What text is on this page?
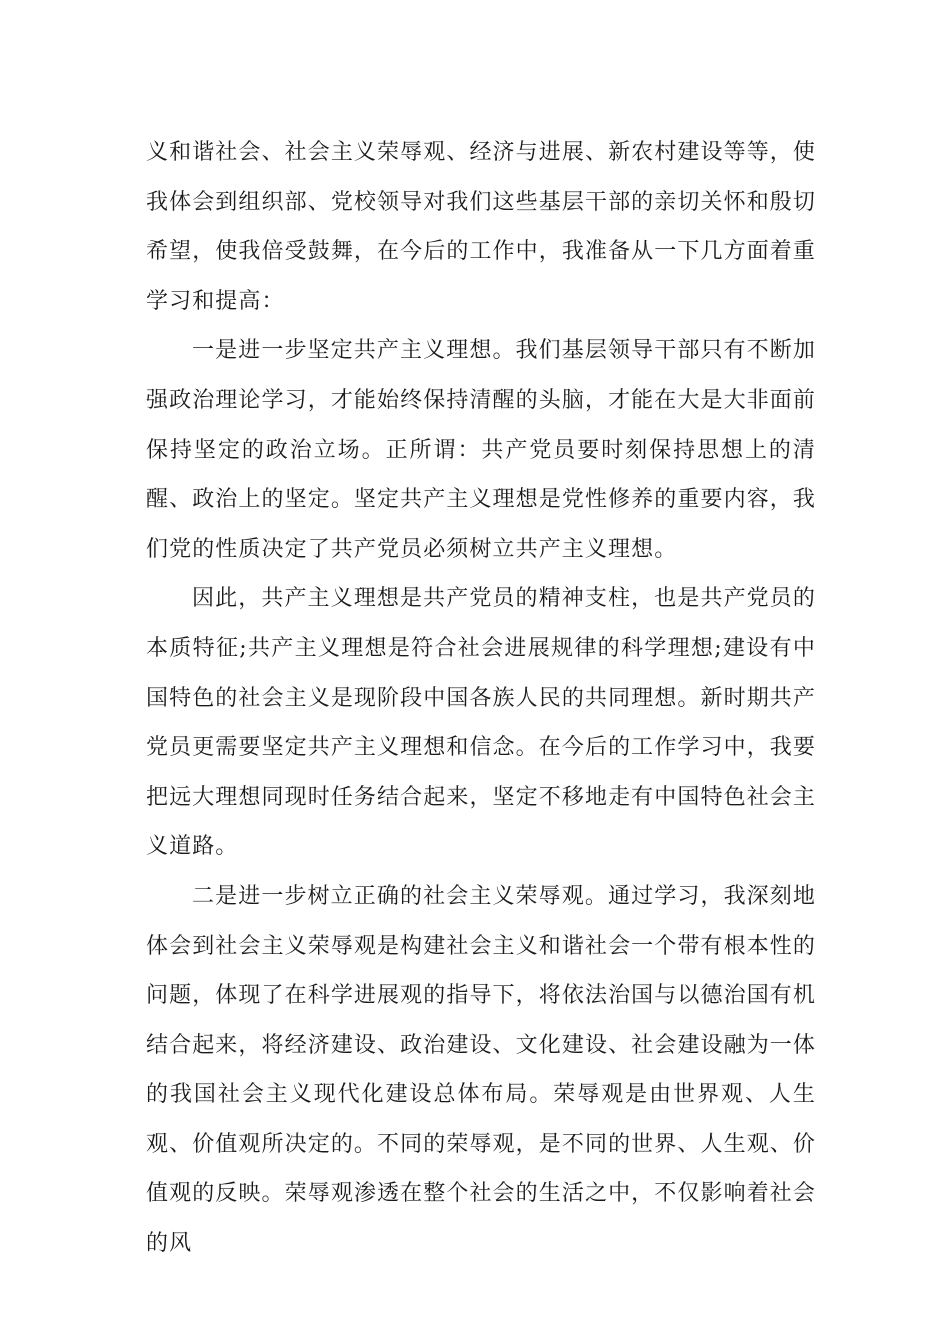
义和谐社会、社会主义荣辱观、经济与进展、新农村建设等等，使我体会到组织部、党校领导对我们这些基层干部的亲切关怀和殷切希望，使我倍受鼓舞，在今后的工作中，我准备从一下几方面着重学习和提高：

一是进一步坚定共产主义理想。我们基层领导干部只有不断加强政治理论学习，才能始终保持清醒的头脑，才能在大是大非面前保持坚定的政治立场。正所谓：共产党员要时刻保持思想上的清醒、政治上的坚定。坚定共产主义理想是党性修养的重要内容，我们党的性质决定了共产党员必须树立共产主义理想。

因此，共产主义理想是共产党员的精神支柱，也是共产党员的本质特征;共产主义理想是符合社会进展规律的科学理想;建设有中国特色的社会主义是现阶段中国各族人民的共同理想。新时期共产党员更需要坚定共产主义理想和信念。在今后的工作学习中，我要把远大理想同现时任务结合起来，坚定不移地走有中国特色社会主义道路。

二是进一步树立正确的社会主义荣辱观。通过学习，我深刻地体会到社会主义荣辱观是构建社会主义和谐社会一个带有根本性的问题，体现了在科学进展观的指导下，将依法治国与以德治国有机结合起来，将经济建设、政治建设、文化建设、社会建设融为一体的我国社会主义现代化建设总体布局。荣辱观是由世界观、人生观、价值观所决定的。不同的荣辱观，是不同的世界、人生观、价值观的反映。荣辱观渗透在整个社会的生活之中，不仅影响着社会的风
